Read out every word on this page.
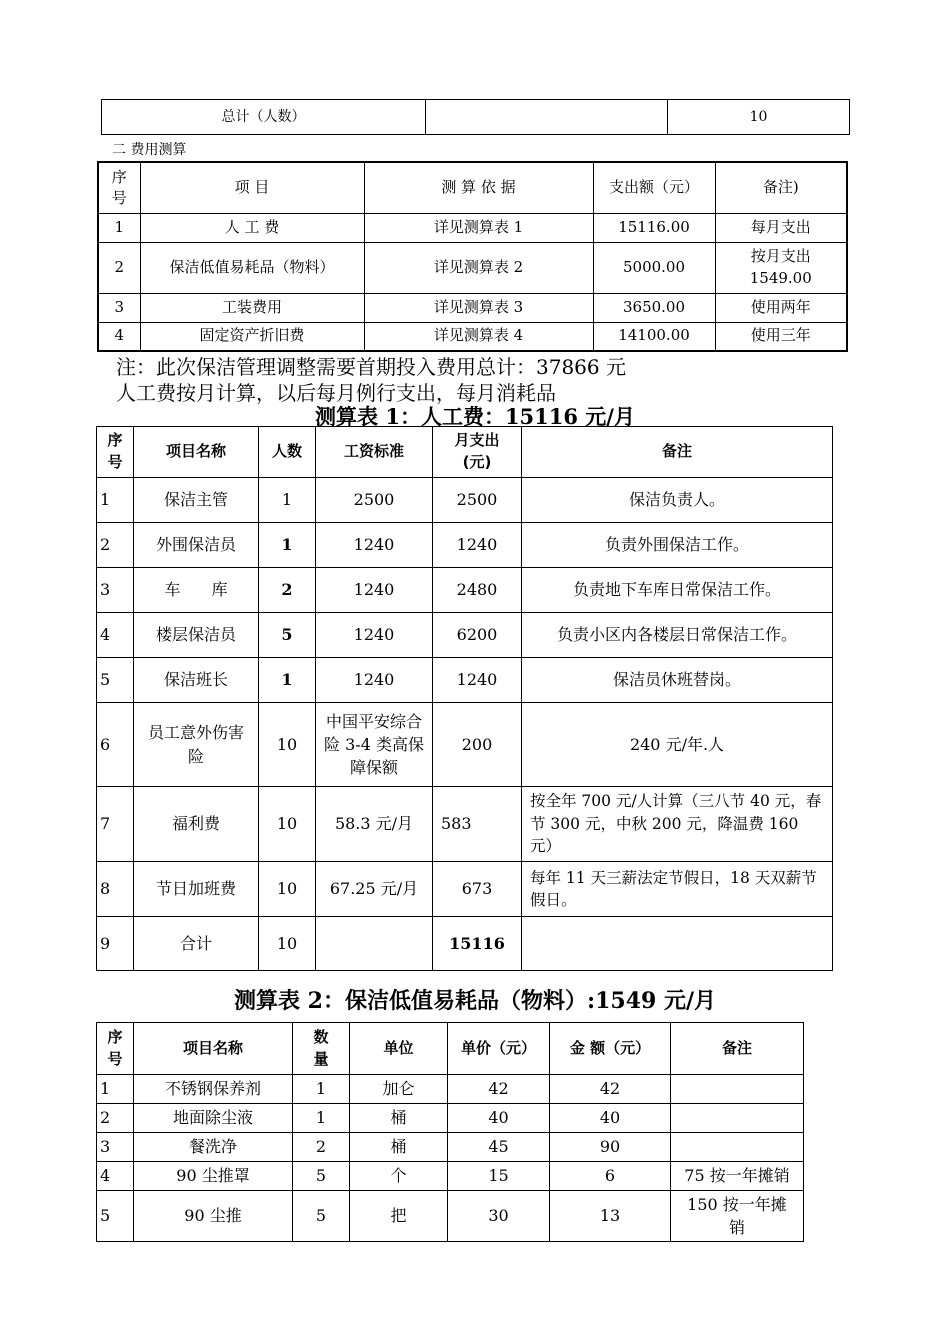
总计（人数）		10
二 费用测算
序号	项 目	测 算 依 据	支出额（元）	备注)
1	人 工 费	详见测算表 1	15116.00	每月支出
2	保洁低值易耗品（物料）	详见测算表 2	5000.00	按月支出1549.00
3	工装费用	详见测算表 3	3650.00	使用两年
4	固定资产折旧费	详见测算表 4	14100.00	使用三年
注：此次保洁管理调整需要首期投入费用总计：37866 元
人工费按月计算，以后每月例行支出，每月消耗品
测算表 1：人工费：15116 元/月
序号	项目名称	人数	工资标准	月支出(元)	备注
1	保洁主管	1	2500	2500	保洁负责人。
2	外围保洁员	1	1240	1240	负责外围保洁工作。
3	车 库	2	1240	2480	负责地下车库日常保洁工作。
4	楼层保洁员	5	1240	6200	负责小区内各楼层日常保洁工作。
5	保洁班长	1	1240	1240	保洁员休班替岗。
6	员工意外伤害险	10	中国平安综合险 3-4 类高保障保额	200	240 元/年.人
7	福利费	10	58.3 元/月	583	按全年 700 元/人计算（三八节 40 元，春节 300 元，中秋 200 元，降温费 160 元）
8	节日加班费	10	67.25 元/月	673	每年 11 天三薪法定节假日，18 天双薪节假日。
9	合计	10		15116	
测算表 2：保洁低值易耗品（物料）:1549 元/月
序号	项目名称	数量	单位	单价（元）	金 额（元）	备注
1	不锈钢保养剂	1	加仑	42	42	
2	地面除尘液	1	桶	40	40	
3	餐洗净	2	桶	45	90	
4	90 尘推罩	5	个	15	6	75 按一年摊销
5	90 尘推	5	把	30	13	150 按一年摊销
